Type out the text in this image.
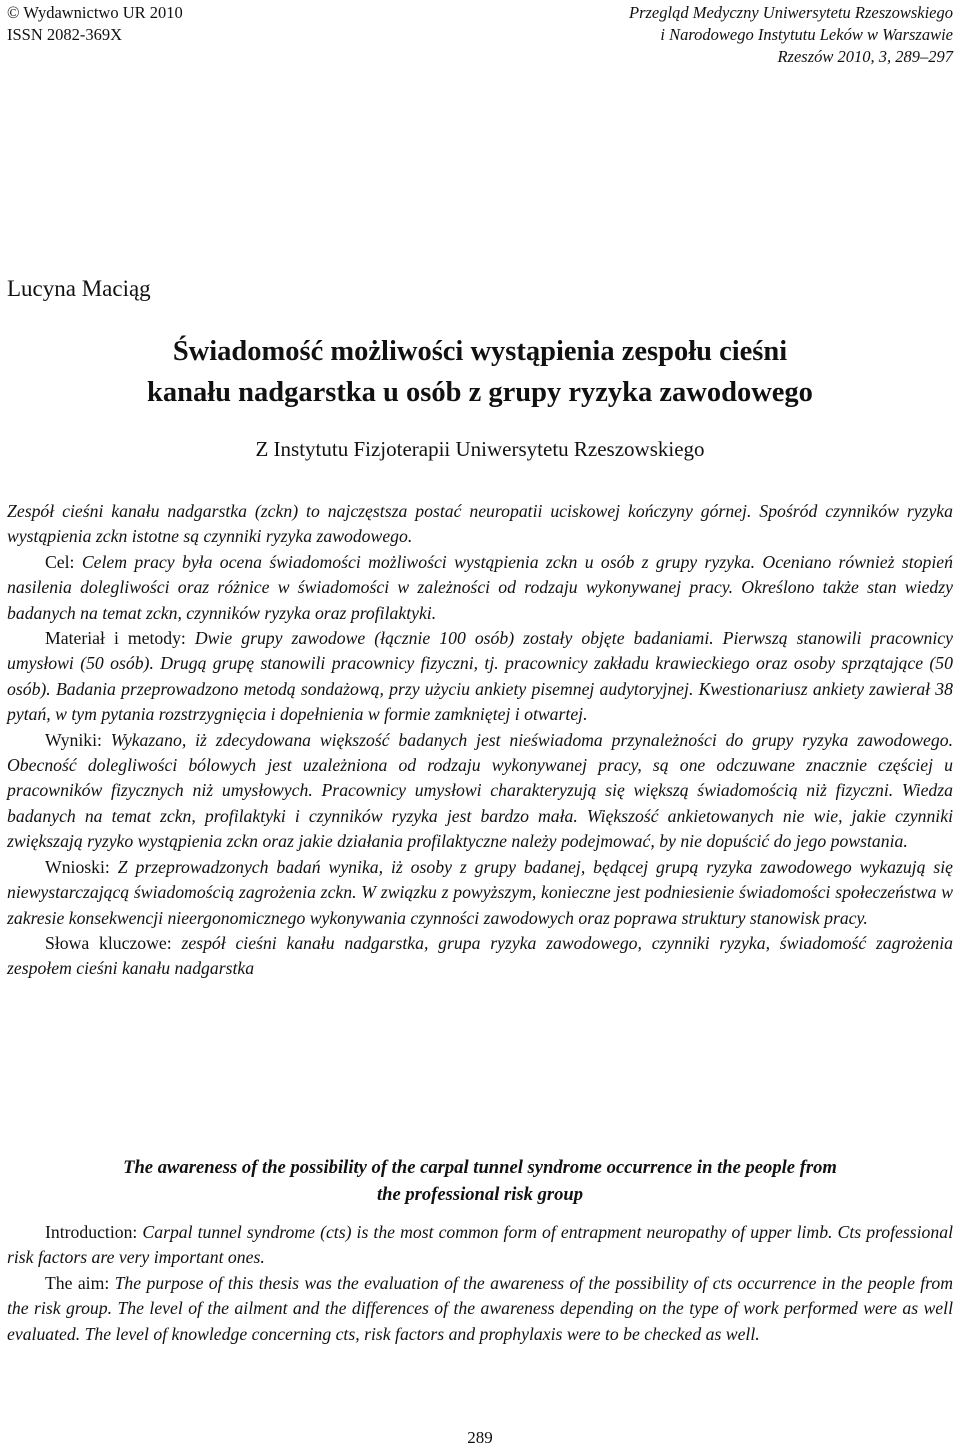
© Wydawnictwo UR 2010
ISSN 2082-369X
Przegląd Medyczny Uniwersytetu Rzeszowskiego
i Narodowego Instytutu Leków w Warszawie
Rzeszów 2010, 3, 289–297
Lucyna Maciąg
Świadomość możliwości wystąpienia zespołu cieśni
kanału nadgarstka u osób z grupy ryzyka zawodowego
Z Instytutu Fizjoterapii Uniwersytetu Rzeszowskiego

Zespół cieśni kanału nadgarstka (zckn) to najczęstsza postać neuropatii uciskowej kończyny górnej. Spośród czynników ryzyka wystąpienia zckn istotne są czynniki ryzyka zawodowego.

Cel: Celem pracy była ocena świadomości możliwości wystąpienia zckn u osób z grupy ryzyka. Oceniano również stopień nasilenia dolegliwości oraz różnice w świadomości w zależności od rodzaju wykonywanej pracy. Określono także stan wiedzy badanych na temat zckn, czynników ryzyka oraz profilaktyki.

Materiał i metody: Dwie grupy zawodowe (łącznie 100 osób) zostały objęte badaniami. Pierwszą stanowili pracownicy umysłowi (50 osób). Drugą grupę stanowili pracownicy fizyczni, tj. pracownicy zakładu krawieckiego oraz osoby sprzątające (50 osób). Badania przeprowadzono metodą sondażową, przy użyciu ankiety pisemnej audytoryjnej. Kwestionariusz ankiety zawierał 38 pytań, w tym pytania rozstrzygnięcia i dopełnienia w formie zamkniętej i otwartej.

Wyniki: Wykazano, iż zdecydowana większość badanych jest nieświadoma przynależności do grupy ryzyka zawodowego. Obecność dolegliwości bólowych jest uzależniona od rodzaju wykonywanej pracy, są one odczuwane znacznie częściej u pracowników fizycznych niż umysłowych. Pracownicy umysłowi charakteryzują się większą świadomością niż fizyczni. Wiedza badanych na temat zckn, profilaktyki i czynników ryzyka jest bardzo mała. Większość ankietowanych nie wie, jakie czynniki zwiększają ryzyko wystąpienia zckn oraz jakie działania profilaktyczne należy podejmować, by nie dopuścić do jego powstania.

Wnioski: Z przeprowadzonych badań wynika, iż osoby z grupy badanej, będącej grupą ryzyka zawodowego wykazują się niewystarczającą świadomością zagrożenia zckn. W związku z powyższym, konieczne jest podniesienie świadomości społeczeństwa w zakresie konsekwencji nieergonomicznego wykonywania czynności zawodowych oraz poprawa struktury stanowisk pracy.

Słowa kluczowe: zespół cieśni kanału nadgarstka, grupa ryzyka zawodowego, czynniki ryzyka, świadomość zagrożenia zespołem cieśni kanału nadgarstka

The awareness of the possibility of the carpal tunnel syndrome occurrence in the people from
the professional risk group

Introduction: Carpal tunnel syndrome (cts) is the most common form of entrapment neuropathy of upper limb. Cts professional risk factors are very important ones.

The aim: The purpose of this thesis was the evaluation of the awareness of the possibility of cts occurrence in the people from the risk group. The level of the ailment and the differences of the awareness depending on the type of work performed were as well evaluated. The level of knowledge concerning cts, risk factors and prophylaxis were to be checked as well.

289
